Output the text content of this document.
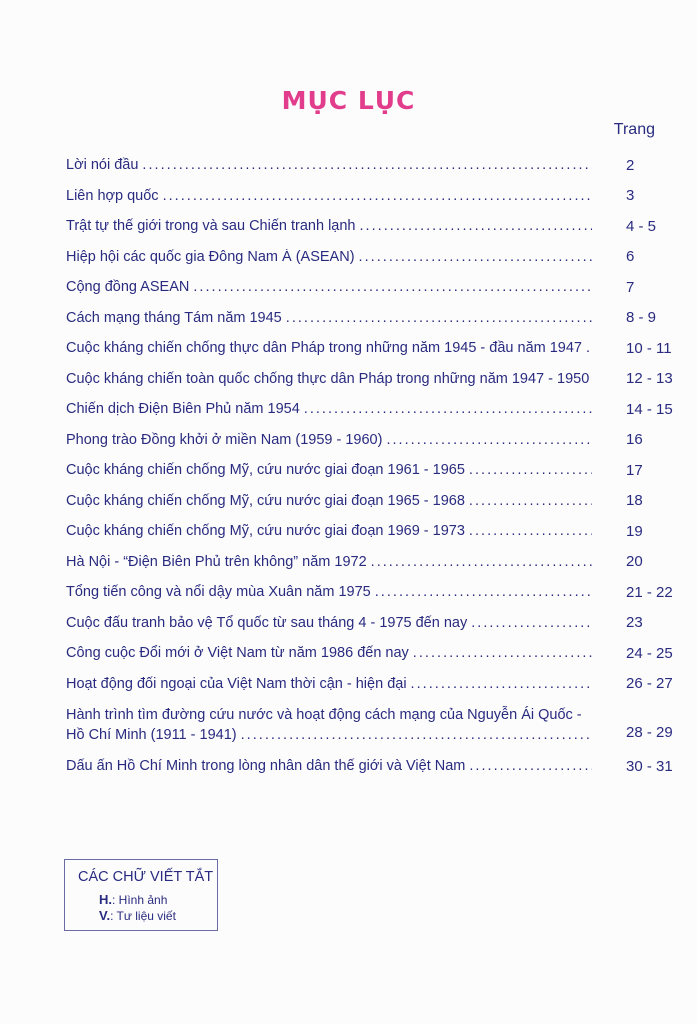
MỤC LỤC
Trang
Lời nói đầu . . .	2
Liên hợp quốc . . .	3
Trật tự thế giới trong và sau Chiến tranh lạnh . . .	4 - 5
Hiệp hội các quốc gia Đông Nam Á (ASEAN) . . .	6
Cộng đồng ASEAN . . .	7
Cách mạng tháng Tám năm 1945 . . .	8 - 9
Cuộc kháng chiến chống thực dân Pháp trong những năm 1945 - đầu năm 1947 . . .	10 - 11
Cuộc kháng chiến toàn quốc chống thực dân Pháp trong những năm 1947 - 1950 . . . 12 - 13
Chiến dịch Điện Biên Phủ năm 1954 . . .	14 - 15
Phong trào Đồng khởi ở miền Nam (1959 - 1960) . . .	16
Cuộc kháng chiến chống Mỹ, cứu nước giai đoạn 1961 - 1965 . . .	17
Cuộc kháng chiến chống Mỹ, cứu nước giai đoạn 1965 - 1968 . . .	18
Cuộc kháng chiến chống Mỹ, cứu nước giai đoạn 1969 - 1973 . . .	19
Hà Nội - “Điện Biên Phủ trên không” năm 1972 . . .	20
Tổng tiến công và nổi dậy mùa Xuân năm 1975 . . .	21 - 22
Cuộc đấu tranh bảo vệ Tổ quốc từ sau tháng 4 - 1975 đến nay . . .	23
Công cuộc Đổi mới ở Việt Nam từ năm 1986 đến nay . . .	24 - 25
Hoạt động đối ngoại của Việt Nam thời cận - hiện đại . . .	26 - 27
Hành trình tìm đường cứu nước và hoạt động cách mạng của Nguyễn Ái Quốc -
Hồ Chí Minh (1911 - 1941) . . .	28 - 29
Dấu ấn Hồ Chí Minh trong lòng nhân dân thế giới và Việt Nam . . .	30 - 31
CÁC CHỮ VIẾT TẮT
H.: Hình ảnh
V.: Tư liệu viết
